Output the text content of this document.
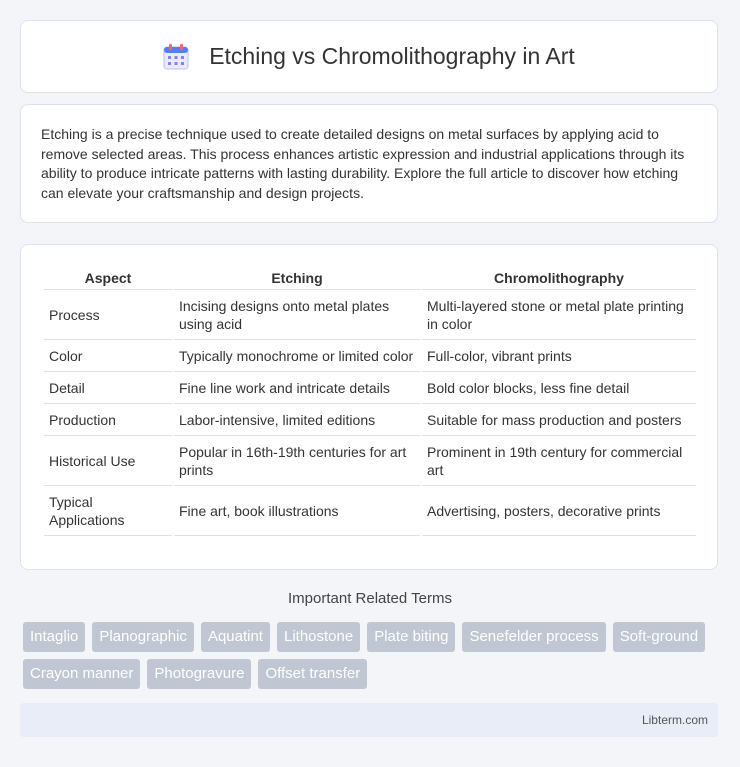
Etching vs Chromolithography in Art

Etching is a precise technique used to create detailed designs on metal surfaces by applying acid to remove selected areas. This process enhances artistic expression and industrial applications through its ability to produce intricate patterns with lasting durability. Explore the full article to discover how etching can elevate your craftsmanship and design projects.

Aspect	Etching	Chromolithography
Process	Incising designs onto metal plates using acid	Multi-layered stone or metal plate printing in color
Color	Typically monochrome or limited color	Full-color, vibrant prints
Detail	Fine line work and intricate details	Bold color blocks, less fine detail
Production	Labor-intensive, limited editions	Suitable for mass production and posters
Historical Use	Popular in 16th-19th centuries for art prints	Prominent in 19th century for commercial art
Typical Applications	Fine art, book illustrations	Advertising, posters, decorative prints
Important Related Terms
Intaglio	Planographic	Aquatint	Lithostone	Plate biting	Senefelder process	Soft-ground
Crayon manner	Photogravure	Offset transfer
Libterm.com
